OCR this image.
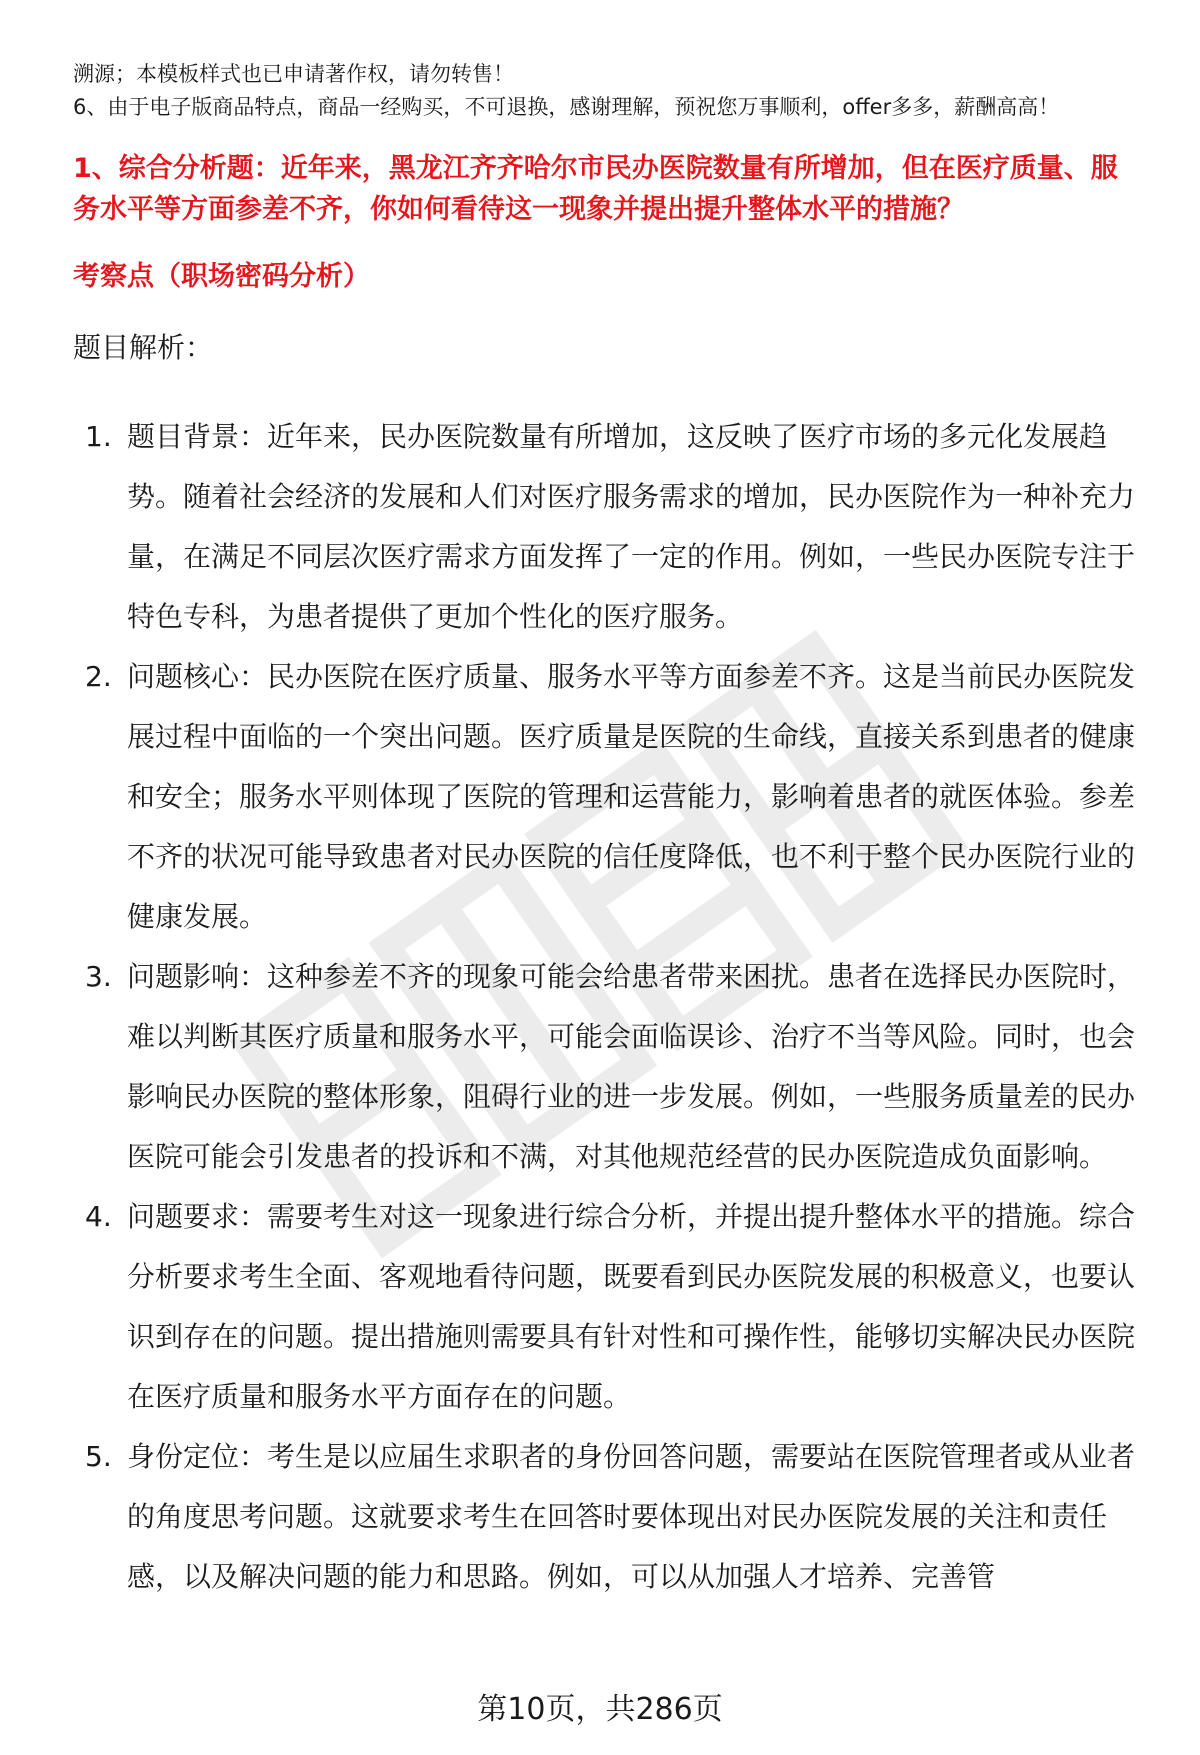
溯源；本模板样式也已申请著作权，请勿转售！

6、由于电子版商品特点，商品一经购买，不可退换，感谢理解，预祝您万事顺利，offer多多，薪酬高高！

1、综合分析题：近年来，黑龙江齐齐哈尔市民办医院数量有所增加，但在医疗质量、服务水平等方面参差不齐，你如何看待这一现象并提出提升整体水平的措施？
考察点（职场密码分析）
题目解析：
1. 题目背景：近年来，民办医院数量有所增加，这反映了医疗市场的多元化发展趋势。随着社会经济的发展和人们对医疗服务需求的增加，民办医院作为一种补充力量，在满足不同层次医疗需求方面发挥了一定的作用。例如，一些民办医院专注于特色专科，为患者提供了更加个性化的医疗服务。
2. 问题核心：民办医院在医疗质量、服务水平等方面参差不齐。这是当前民办医院发展过程中面临的一个突出问题。医疗质量是医院的生命线，直接关系到患者的健康和安全；服务水平则体现了医院的管理和运营能力，影响着患者的就医体验。参差不齐的状况可能导致患者对民办医院的信任度降低，也不利于整个民办医院行业的健康发展。
3. 问题影响：这种参差不齐的现象可能会给患者带来困扰。患者在选择民办医院时，难以判断其医疗质量和服务水平，可能会面临误诊、治疗不当等风险。同时，也会影响民办医院的整体形象，阻碍行业的进一步发展。例如，一些服务质量差的民办医院可能会引发患者的投诉和不满，对其他规范经营的民办医院造成负面影响。
4. 问题要求：需要考生对这一现象进行综合分析，并提出提升整体水平的措施。综合分析要求考生全面、客观地看待问题，既要看到民办医院发展的积极意义，也要认识到存在的问题。提出措施则需要具有针对性和可操作性，能够切实解决民办医院在医疗质量和服务水平方面存在的问题。
5. 身份定位：考生是以应届生求职者的身份回答问题，需要站在医院管理者或从业者的角度思考问题。这就要求考生在回答时要体现出对民办医院发展的关注和责任感，以及解决问题的能力和思路。例如，可以从加强人才培养、完善管
第10页，共286页
